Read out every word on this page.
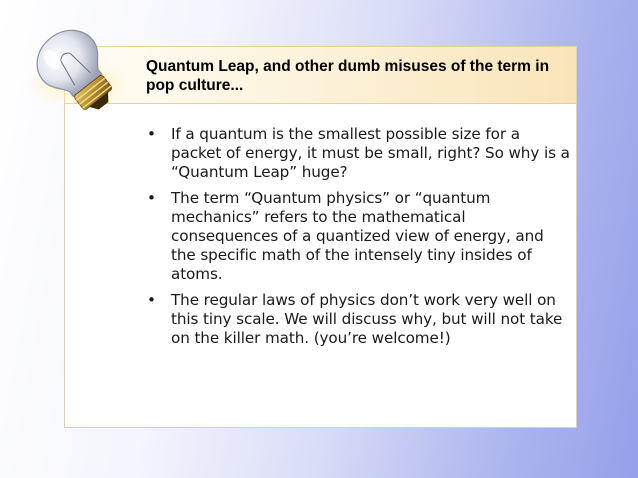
Quantum Leap, and other dumb misuses of the term in pop culture...

• If a quantum is the smallest possible size for a packet of energy, it must be small, right? So why is a “Quantum Leap” huge?
• The term “Quantum physics” or “quantum mechanics” refers to the mathematical consequences of a quantized view of energy, and the specific math of the intensely tiny insides of atoms.
• The regular laws of physics don’t work very well on this tiny scale. We will discuss why, but will not take on the killer math. (you’re welcome!)
